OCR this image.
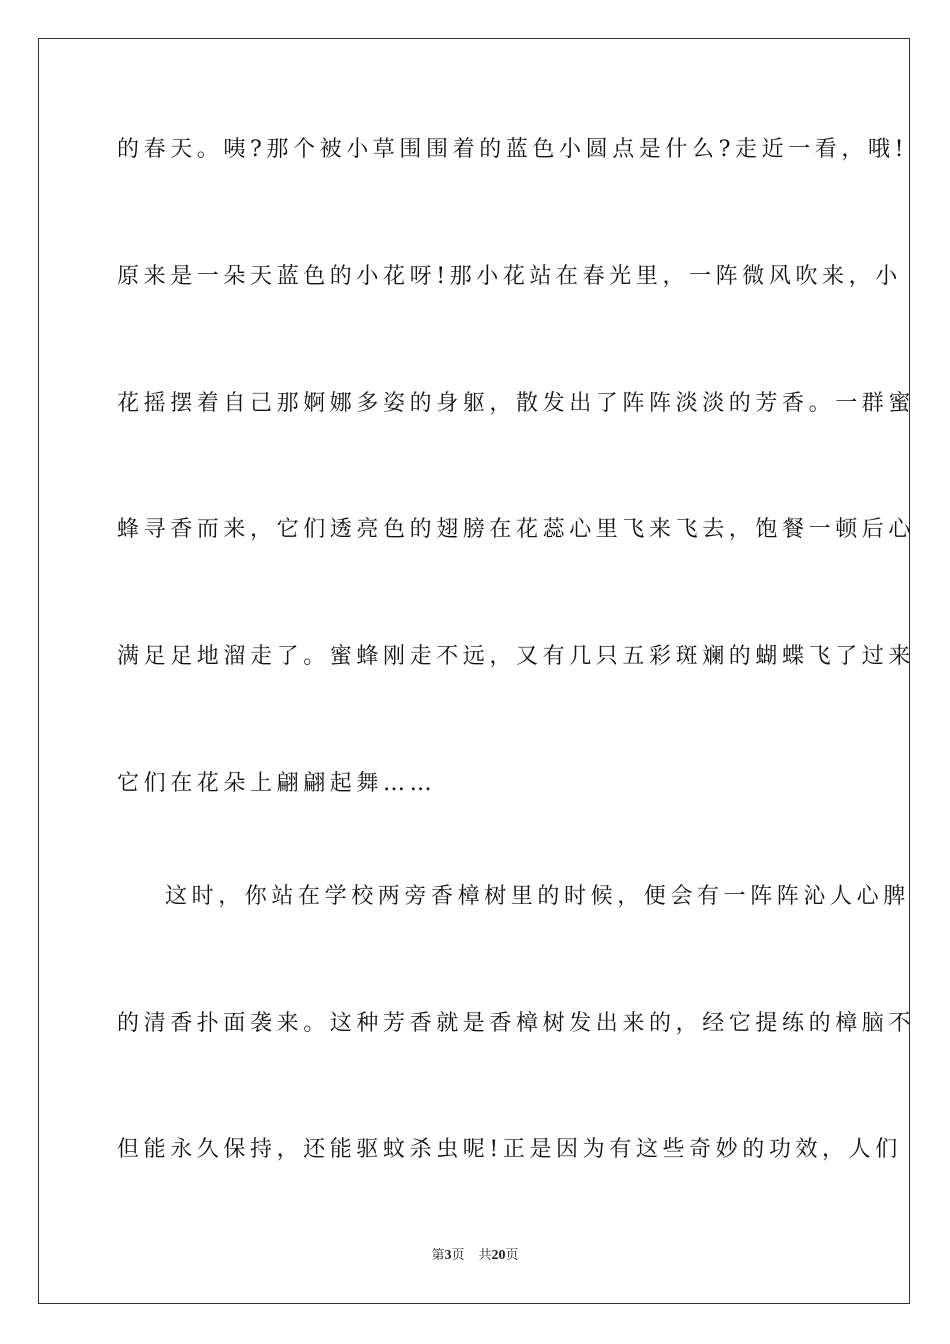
的春天。咦?那个被小草围围着的蓝色小圆点是什么?走近一看，哦!
原来是一朵天蓝色的小花呀!那小花站在春光里，一阵微风吹来，小
花摇摆着自己那婀娜多姿的身躯，散发出了阵阵淡淡的芳香。一群蜜
蜂寻香而来，它们透亮色的翅膀在花蕊心里飞来飞去，饱餐一顿后心
满足足地溜走了。蜜蜂刚走不远，又有几只五彩斑斓的蝴蝶飞了过来
它们在花朵上翩翩起舞……
这时，你站在学校两旁香樟树里的时候，便会有一阵阵沁人心脾
的清香扑面袭来。这种芳香就是香樟树发出来的，经它提练的樟脑不
但能永久保持，还能驱蚊杀虫呢!正是因为有这些奇妙的功效，人们
第3页 共20页
